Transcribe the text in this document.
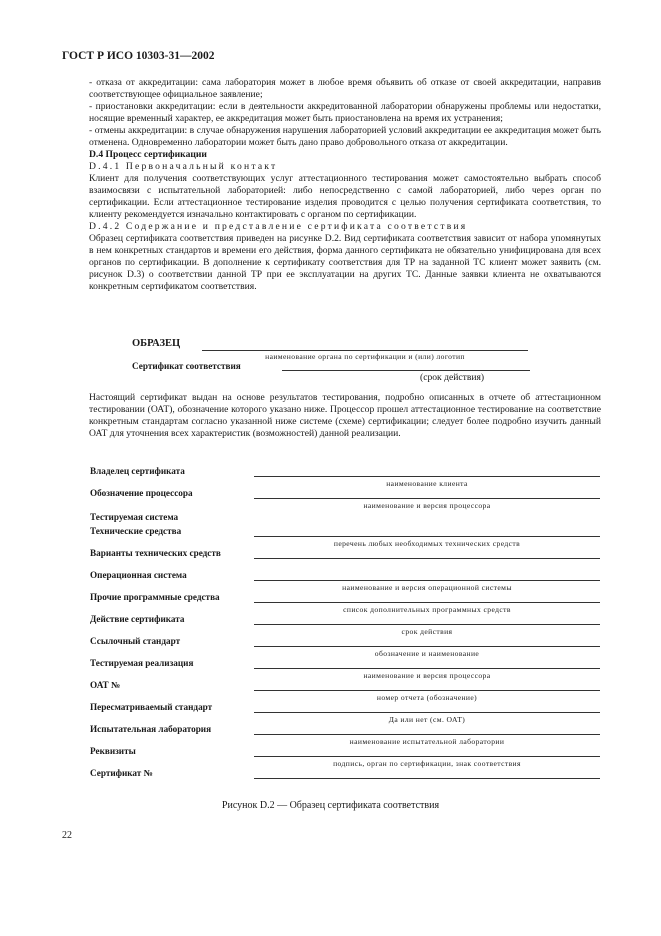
ГОСТ Р ИСО 10303-31—2002

- отказа от аккредитации: сама лаборатория может в любое время объявить об отказе от своей аккредитации, направив соответствующее официальное заявление;

- приостановки аккредитации: если в деятельности аккредитованной лаборатории обнаружены проблемы или недостатки, носящие временный характер, ее аккредитация может быть приостановлена на время их устранения;

- отмены аккредитации: в случае обнаружения нарушения лабораторией условий аккредитации ее аккредитация может быть отменена. Одновременно лаборатории может быть дано право добровольного отказа от аккредитации.

D.4 Процесс сертификации

D.4.1 Первоначальный контакт

Клиент для получения соответствующих услуг аттестационного тестирования может самостоятельно выбрать способ взаимосвязи с испытательной лабораторией: либо непосредственно с самой лабораторией, либо через орган по сертификации. Если аттестационное тестирование изделия проводится с целью получения сертификата соответствия, то клиенту рекомендуется изначально контактировать с органом по сертификации.

D.4.2 Содержание и представление сертификата соответствия

Образец сертификата соответствия приведен на рисунке D.2. Вид сертификата соответствия зависит от набора упомянутых в нем конкретных стандартов и времени его действия, форма данного сертификата не обязательно унифицирована для всех органов по сертификации. В дополнение к сертификату соответствия для ТР на заданной ТС клиент может заявить (см. рисунок D.3) о соответствии данной ТР при ее эксплуатации на других ТС. Данные заявки клиента не охватываются конкретным сертификатом соответствия.

ОБРАЗЕЦ
наименование органа по сертификации и (или) логотип
Сертификат соответствия
(срок действия)

Настоящий сертификат выдан на основе результатов тестирования, подробно описанных в отчете об аттестационном тестировании (ОАТ), обозначение которого указано ниже. Процессор прошел аттестационное тестирование на соответствие конкретным стандартам согласно указанной ниже системе (схеме) сертификации; следует более подробно изучить данный ОАТ для уточнения всех характеристик (возможностей) данной реализации.

Владелец сертификата
наименование клиента
Обозначение процессора
наименование и версия процессора
Тестируемая система
Технические средства
перечень любых необходимых технических средств
Варианты технических средств
Операционная система
наименование и версия операционной системы
Прочие программные средства
список дополнительных программных средств
Действие сертификата
срок действия
Ссылочный стандарт
обозначение и наименование
Тестируемая реализация
наименование и версия процессора
ОАТ №
номер отчета (обозначение)
Пересматриваемый стандарт
Да или нет (см. ОАТ)
Испытательная лаборатория
наименование испытательной лаборатории
Реквизиты
подпись, орган по сертификации, знак соответствия
Сертификат №
Рисунок D.2 — Образец сертификата соответствия
22
